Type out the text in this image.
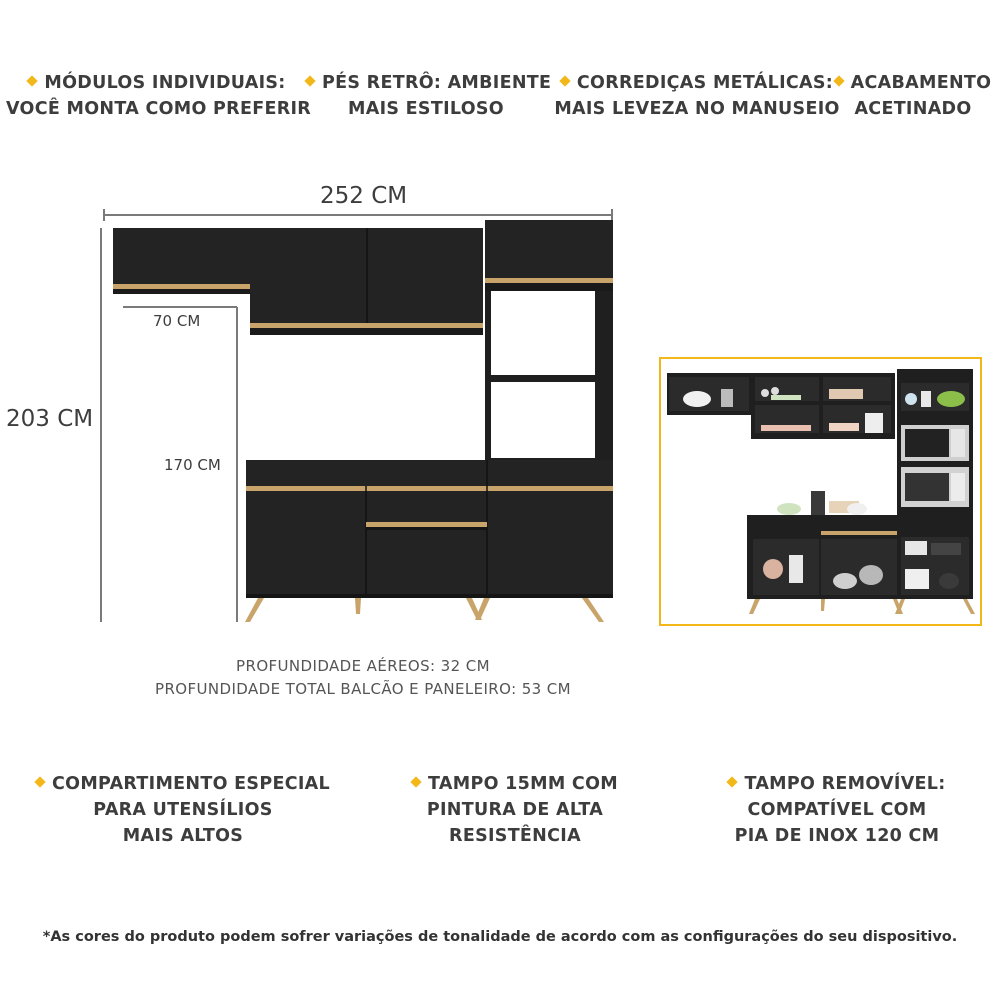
MÓDULOS INDIVIDUAIS:
VOCÊ MONTA COMO PREFERIR
PÉS RETRÔ: AMBIENTE
MAIS ESTILOSO
CORREDIÇAS METÁLICAS:
MAIS LEVEZA NO MANUSEIO
ACABAMENTO
ACETINADO
252 CM
203 CM
70 CM
170 CM
PROFUNDIDADE AÉREOS: 32 CM
PROFUNDIDADE TOTAL BALCÃO E PANELEIRO: 53 CM
COMPARTIMENTO ESPECIAL
PARA UTENSÍLIOS
MAIS ALTOS
TAMPO 15MM COM
PINTURA DE ALTA
RESISTÊNCIA
TAMPO REMOVÍVEL:
COMPATÍVEL COM
PIA DE INOX 120 CM
*As cores do produto podem sofrer variações de tonalidade de acordo com as configurações do seu dispositivo.
